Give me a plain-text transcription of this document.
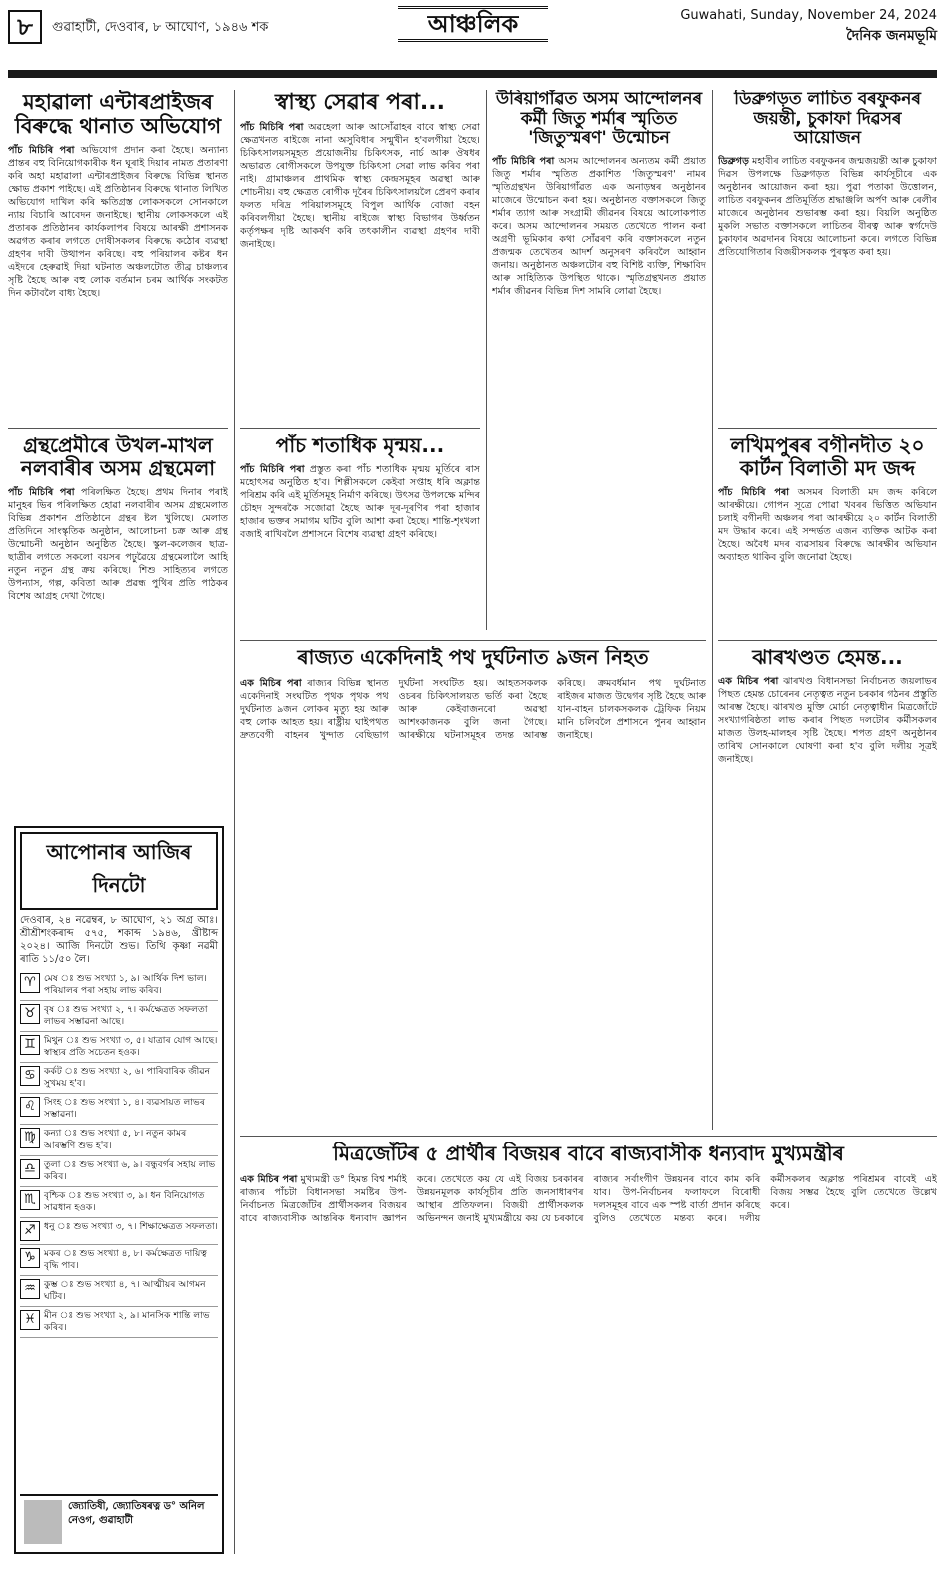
৮	গুৱাহাটী, দেওবাৰ, ৮ আঘোণ, ১৯৪৬ শক	আঞ্চলিক	Guwahati, Sunday, November 24, 2024
দৈনিক জনমভূমি
মহাৱালা এন্টাৰপ্ৰাইজৰ বিৰুদ্ধে থানাত অভিযোগ
পাঁচ মিচিৰি পৰা অভিযোগ প্ৰদান কৰা হৈছে। অন্যান্য প্ৰান্তৰ বহু বিনিয়োগকাৰীক ধন ঘূৰাই দিয়াৰ নামত প্ৰতাৰণা কৰি অহা মহাৱালা এন্টাৰপ্ৰাইজৰ বিৰুদ্ধে বিভিন্ন স্থানত ক্ষোভ প্ৰকাশ পাইছে। এই প্ৰতিষ্ঠানৰ বিৰুদ্ধে থানাত লিখিত অভিযোগ দাখিল কৰি ক্ষতিগ্ৰস্ত লোকসকলে সোনকালে ন্যায় বিচাৰি আবেদন জনাইছে। স্থানীয় লোকসকলে এই প্ৰতাৰক প্ৰতিষ্ঠানৰ কাৰ্যকলাপৰ বিষয়ে আৰক্ষী প্ৰশাসনক অৱগত কৰাৰ লগতে দোষীসকলৰ বিৰুদ্ধে কঠোৰ ব্যৱস্থা গ্ৰহণৰ দাবী উত্থাপন কৰিছে। বহু পৰিয়ালৰ কষ্টৰ ধন এইদৰে হেৰুৱাই দিয়া ঘটনাত অঞ্চলটোত তীব্ৰ চাঞ্চল্যৰ সৃষ্টি হৈছে আৰু বহু লোক বৰ্তমান চৰম আৰ্থিক সংকটত দিন কটাবলৈ বাধ্য হৈছে।
গ্ৰন্থপ্ৰেমীৰে উখল-মাখল নলবাৰীৰ অসম গ্ৰন্থমেলা
পাঁচ মিচিৰি পৰা পৰিলক্ষিত হৈছে। প্ৰথম দিনাৰ পৰাই মানুহৰ ভিৰ পৰিলক্ষিত হোৱা নলবাৰীৰ অসম গ্ৰন্থমেলাত বিভিন্ন প্ৰকাশন প্ৰতিষ্ঠানে গ্ৰন্থৰ ষ্টল খুলিছে। মেলাত প্ৰতিদিনে সাংস্কৃতিক অনুষ্ঠান, আলোচনা চক্ৰ আৰু গ্ৰন্থ উন্মোচনী অনুষ্ঠান অনুষ্ঠিত হৈছে। স্কুল-কলেজৰ ছাত্ৰ-ছাত্ৰীৰ লগতে সকলো বয়সৰ পঢ়ুৱৈয়ে গ্ৰন্থমেলালৈ আহি নতুন নতুন গ্ৰন্থ ক্ৰয় কৰিছে। শিশু সাহিত্যৰ লগতে উপন্যাস, গল্প, কবিতা আৰু প্ৰৱন্ধ পুথিৰ প্ৰতি পাঠকৰ বিশেষ আগ্ৰহ দেখা গৈছে।
আপোনাৰ আজিৰ দিনটো
দেওবাৰ, ২৪ নৱেম্বৰ, ৮ আঘোণ, ২১ অগ্ৰ আঃ। শ্ৰীশ্ৰীশংকৰাব্দ ৫৭৫, শকাব্দ ১৯৪৬, খ্ৰীষ্টাব্দ ২০২৪। আজি দিনটো শুভ। তিথি কৃষ্ণা নৱমী ৰাতি ১১/৫০ লৈ।
♈ মেষ ঃ শুভ সংখ্যা ১, ৯। আৰ্থিক দিশ ভাল। পৰিয়ালৰ পৰা সহায় লাভ কৰিব।
♉ বৃষ ঃ শুভ সংখ্যা ২, ৭। কৰ্মক্ষেত্ৰত সফলতা লাভৰ সম্ভাৱনা আছে।
♊ মিথুন ঃ শুভ সংখ্যা ৩, ৫। যাত্ৰাৰ যোগ আছে। স্বাস্থ্যৰ প্ৰতি সচেতন হওক।
♋ কৰ্কট ঃ শুভ সংখ্যা ২, ৬। পাৰিবাৰিক জীৱন সুখময় হ'ব।
♌ সিংহ ঃ শুভ সংখ্যা ১, ৪। ব্যৱসায়ত লাভৰ সম্ভাৱনা।
♍ কন্যা ঃ শুভ সংখ্যা ৫, ৮। নতুন কামৰ আৰম্ভণি শুভ হ'ব।
♎ তুলা ঃ শুভ সংখ্যা ৬, ৯। বন্ধুবৰ্গৰ সহায় লাভ কৰিব।
♏ বৃশ্চিক ঃ শুভ সংখ্যা ৩, ৯। ধন বিনিয়োগত সাৱধান হওক।
♐ ধনু ঃ শুভ সংখ্যা ৩, ৭। শিক্ষাক্ষেত্ৰত সফলতা।
♑ মকৰ ঃ শুভ সংখ্যা ৪, ৮। কৰ্মক্ষেত্ৰত দায়িত্ব বৃদ্ধি পাব।
♒ কুম্ভ ঃ শুভ সংখ্যা ৪, ৭। আত্মীয়ৰ আগমন ঘটিব।
♓ মীন ঃ শুভ সংখ্যা ২, ৯। মানসিক শান্তি লাভ কৰিব।
জ্যোতিষী, জ্যোতিষৰত্ন ড° অনিল নেওগ, গুৱাহাটী
স্বাস্থ্য সেৱাৰ পৰা...
পাঁচ মিচিৰি পৰা অৱহেলা আৰু আসোঁৱাহৰ বাবে স্বাস্থ্য সেৱা ক্ষেত্ৰখনত ৰাইজে নানা অসুবিধাৰ সন্মুখীন হ'বলগীয়া হৈছে। চিকিৎসালয়সমূহত প্ৰয়োজনীয় চিকিৎসক, নাৰ্চ আৰু ঔষধৰ অভাৱত ৰোগীসকলে উপযুক্ত চিকিৎসা সেৱা লাভ কৰিব পৰা নাই। গ্ৰামাঞ্চলৰ প্ৰাথমিক স্বাস্থ্য কেন্দ্ৰসমূহৰ অৱস্থা আৰু শোচনীয়। বহু ক্ষেত্ৰত ৰোগীক দূৰৈৰ চিকিৎসালয়লৈ প্ৰেৰণ কৰাৰ ফলত দৰিদ্ৰ পৰিয়ালসমূহে বিপুল আৰ্থিক বোজা বহন কৰিবলগীয়া হৈছে। স্থানীয় ৰাইজে স্বাস্থ্য বিভাগৰ উৰ্ধ্বতন কৰ্তৃপক্ষৰ দৃষ্টি আকৰ্ষণ কৰি তৎকালীন ব্যৱস্থা গ্ৰহণৰ দাবী জনাইছে।
পাঁচ শতাধিক মৃন্ময়...
পাঁচ মিচিৰি পৰা প্ৰস্তুত কৰা পাঁচ শতাধিক মৃন্ময় মূৰ্তিৰে ৰাস মহোৎসৱ অনুষ্ঠিত হ'ব। শিল্পীসকলে কেইবা সপ্তাহ ধৰি অক্লান্ত পৰিশ্ৰম কৰি এই মূৰ্তিসমূহ নিৰ্মাণ কৰিছে। উৎসৱ উপলক্ষে মন্দিৰ চৌহদ সুন্দৰকৈ সজোৱা হৈছে আৰু দূৰ-দূৰণিৰ পৰা হাজাৰ হাজাৰ ভক্তৰ সমাগম ঘটিব বুলি আশা কৰা হৈছে। শান্তি-শৃংখলা বজাই ৰাখিবলৈ প্ৰশাসনে বিশেষ ব্যৱস্থা গ্ৰহণ কৰিছে।
উৰিয়াগাঁৱত অসম আন্দোলনৰ কৰ্মী জিতু শৰ্মাৰ স্মৃতিত 'জিতুস্মৰণ' উন্মোচন
পাঁচ মিচিৰি পৰা অসম আন্দোলনৰ অন্যতম কৰ্মী প্ৰয়াত জিতু শৰ্মাৰ স্মৃতিত প্ৰকাশিত 'জিতুস্মৰণ' নামৰ স্মৃতিগ্ৰন্থখন উৰিয়াগাঁৱত এক অনাড়ম্বৰ অনুষ্ঠানৰ মাজেৰে উন্মোচন কৰা হয়। অনুষ্ঠানত বক্তাসকলে জিতু শৰ্মাৰ ত্যাগ আৰু সংগ্ৰামী জীৱনৰ বিষয়ে আলোকপাত কৰে। অসম আন্দোলনৰ সময়ত তেখেতে পালন কৰা অগ্ৰণী ভূমিকাৰ কথা সোঁৱৰণ কৰি বক্তাসকলে নতুন প্ৰজন্মক তেখেতৰ আদৰ্শ অনুসৰণ কৰিবলৈ আহ্বান জনায়। অনুষ্ঠানত অঞ্চলটোৰ বহু বিশিষ্ট ব্যক্তি, শিক্ষাবিদ আৰু সাহিত্যিক উপস্থিত থাকে। স্মৃতিগ্ৰন্থখনত প্ৰয়াত শৰ্মাৰ জীৱনৰ বিভিন্ন দিশ সামৰি লোৱা হৈছে।
ডিব্ৰুগড়ত লাচিত বৰফুকনৰ জয়ন্তী, চুকাফা দিৱসৰ আয়োজন
ডিব্ৰুগড় মহাবীৰ লাচিত বৰফুকনৰ জন্মজয়ন্তী আৰু চুকাফা দিৱস উপলক্ষে ডিব্ৰুগড়ত বিভিন্ন কাৰ্যসূচীৰে এক অনুষ্ঠানৰ আয়োজন কৰা হয়। পুৱা পতাকা উত্তোলন, লাচিত বৰফুকনৰ প্ৰতিমূৰ্তিত শ্ৰদ্ধাঞ্জলি অৰ্পণ আৰু ৰেলীৰ মাজেৰে অনুষ্ঠানৰ শুভাৰম্ভ কৰা হয়। বিয়লি অনুষ্ঠিত মুকলি সভাত বক্তাসকলে লাচিতৰ বীৰত্ব আৰু স্বৰ্গদেউ চুকাফাৰ অৱদানৰ বিষয়ে আলোচনা কৰে। লগতে বিভিন্ন প্ৰতিযোগিতাৰ বিজয়ীসকলক পুৰস্কৃত কৰা হয়।
লখিমপুৰৰ বগীনদীত ২০ কাৰ্টন বিলাতী মদ জব্দ
পাঁচ মিচিৰি পৰা অসমৰ বিলাতী মদ জব্দ কৰিলে আৰক্ষীয়ে। গোপন সূত্ৰে পোৱা খবৰৰ ভিত্তিত অভিযান চলাই বগীনদী অঞ্চলৰ পৰা আৰক্ষীয়ে ২০ কাৰ্টন বিলাতী মদ উদ্ধাৰ কৰে। এই সন্দৰ্ভত এজন ব্যক্তিক আটক কৰা হৈছে। অবৈধ মদৰ ব্যৱসায়ৰ বিৰুদ্ধে আৰক্ষীৰ অভিযান অব্যাহত থাকিব বুলি জনোৱা হৈছে।
ঝাৰখণ্ডত হেমন্ত...
এক মিচিৰ পৰা ঝাৰখণ্ড বিধানসভা নিৰ্বাচনত জয়লাভৰ পিছত হেমন্ত চোৰেনৰ নেতৃত্বত নতুন চৰকাৰ গঠনৰ প্ৰস্তুতি আৰম্ভ হৈছে। ঝাৰখণ্ড মুক্তি মোৰ্চা নেতৃত্বাধীন মিত্ৰজোঁটে সংখ্যাগৰিষ্ঠতা লাভ কৰাৰ পিছত দলটোৰ কৰ্মীসকলৰ মাজত উলহ-মালহৰ সৃষ্টি হৈছে। শপত গ্ৰহণ অনুষ্ঠানৰ তাৰিখ সোনকালে ঘোষণা কৰা হ'ব বুলি দলীয় সূত্ৰই জনাইছে।
ৰাজ্যত একেদিনাই পথ দুৰ্ঘটনাত ৯জন নিহত
এক মিচিৰ পৰা ৰাজ্যৰ বিভিন্ন স্থানত একেদিনাই সংঘটিত পৃথক পৃথক পথ দুৰ্ঘটনাত ৯জন লোকৰ মৃত্যু হয় আৰু বহু লোক আহত হয়। ৰাষ্ট্ৰীয় ঘাইপথত দ্ৰুতবেগী বাহনৰ খুন্দাত বেছিভাগ দুৰ্ঘটনা সংঘটিত হয়। আহতসকলক ওচৰৰ চিকিৎসালয়ত ভৰ্তি কৰা হৈছে আৰু কেইবাজনৰো অৱস্থা আশংকাজনক বুলি জনা গৈছে। আৰক্ষীয়ে ঘটনাসমূহৰ তদন্ত আৰম্ভ কৰিছে। ক্ৰমবৰ্ধমান পথ দুৰ্ঘটনাত ৰাইজৰ মাজত উদ্বেগৰ সৃষ্টি হৈছে আৰু যান-বাহন চালকসকলক ট্ৰেফিক নিয়ম মানি চলিবলৈ প্ৰশাসনে পুনৰ আহ্বান জনাইছে।
মিত্ৰজোঁটৰ ৫ প্ৰাৰ্থীৰ বিজয়ৰ বাবে ৰাজ্যবাসীক ধন্যবাদ মুখ্যমন্ত্ৰীৰ
এক মিচিৰ পৰা মুখ্যমন্ত্ৰী ড° হিমন্ত বিশ্ব শৰ্মাই ৰাজ্যৰ পাঁচটা বিধানসভা সমষ্টিৰ উপ-নিৰ্বাচনত মিত্ৰজোঁটৰ প্ৰাৰ্থীসকলৰ বিজয়ৰ বাবে ৰাজ্যবাসীক আন্তৰিক ধন্যবাদ জ্ঞাপন কৰে। তেখেতে কয় যে এই বিজয় চৰকাৰৰ উন্নয়নমূলক কাৰ্যসূচীৰ প্ৰতি জনসাধাৰণৰ আস্থাৰ প্ৰতিফলন। বিজয়ী প্ৰাৰ্থীসকলক অভিনন্দন জনাই মুখ্যমন্ত্ৰীয়ে কয় যে চৰকাৰে ৰাজ্যৰ সৰ্বাংগীণ উন্নয়নৰ বাবে কাম কৰি যাব। উপ-নিৰ্বাচনৰ ফলাফলে বিৰোধী দলসমূহৰ বাবে এক স্পষ্ট বাৰ্তা প্ৰদান কৰিছে বুলিও তেখেতে মন্তব্য কৰে। দলীয় কৰ্মীসকলৰ অক্লান্ত পৰিশ্ৰমৰ বাবেই এই বিজয় সম্ভৱ হৈছে বুলি তেখেতে উল্লেখ কৰে।
